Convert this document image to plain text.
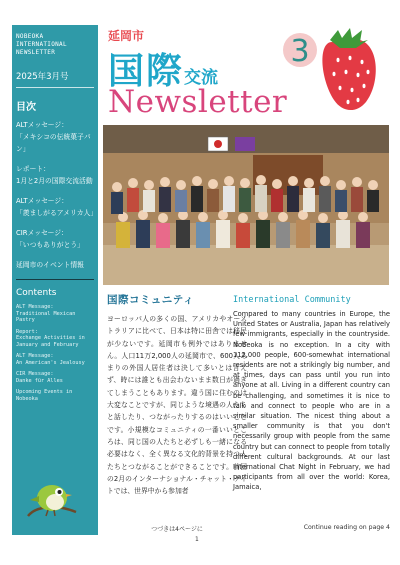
NOBEOKA
INTERNATIONAL
NEWSLETTER
2025年3月号
目次
ALTメッセージ：
「メキシコの伝統菓子パン」
レポート：
1月と2月の国際交流活動
ALTメッセージ：
「羨ましがるアメリカ人」
CIRメッセージ：
「いつもありがとう」
延岡市のイベント情報
Contents
ALT Message:
Traditional Mexican
Pastry
Report:
Exchange Activities in
January and February
ALT Message:
An American's Jealousy
CIR Message:
Danke für Alles
Upcoming Events in
Nobeoka
延岡市
国際交流
Newsletter
3
国際コミュニティ
ヨーロッパ人の多くの国、アメリカやオーストラリアに比べて、日本は特に田舎では移民が少ないです。延岡市も例外ではありません。人口11万2,000人の延岡市で、600人あまりの外国人居住者は決して多いとは言えず、時には誰とも出会わないまま数日が過ぎてしまうこともあります。違う国に住むのは大変なことですが、同じような境遇の人たちと話したり、つながったりするのはいいことです。小規模なコミュニティの一番いいところは、同じ国の人たちと必ずしも一緒になる必要はなく、全く異なる文化的背景を持つ人たちとつながることができることです。前回の2月のインターナショナル・チャット・ナイトでは、世界中から参加者
つづきは4ページに
International Community
Compared to many countries in Europe, the United States or Australia, Japan has relatively few immigrants, especially in the countryside. Nobeoka is no exception. In a city with 112,000 people, 600-somewhat international residents are not a strikingly big number, and at times, days can pass until you run into anyone at all. Living in a different country can be challenging, and sometimes it is nice to talk and connect to people who are in a similar situation. The nicest thing about a smaller community is that you don't necessarily group with people from the same country but can connect to people from totally different cultural backgrounds. At our last International Chat Night in February, we had participants from all over the world: Korea, Jamaica,
Continue reading on page 4
1
